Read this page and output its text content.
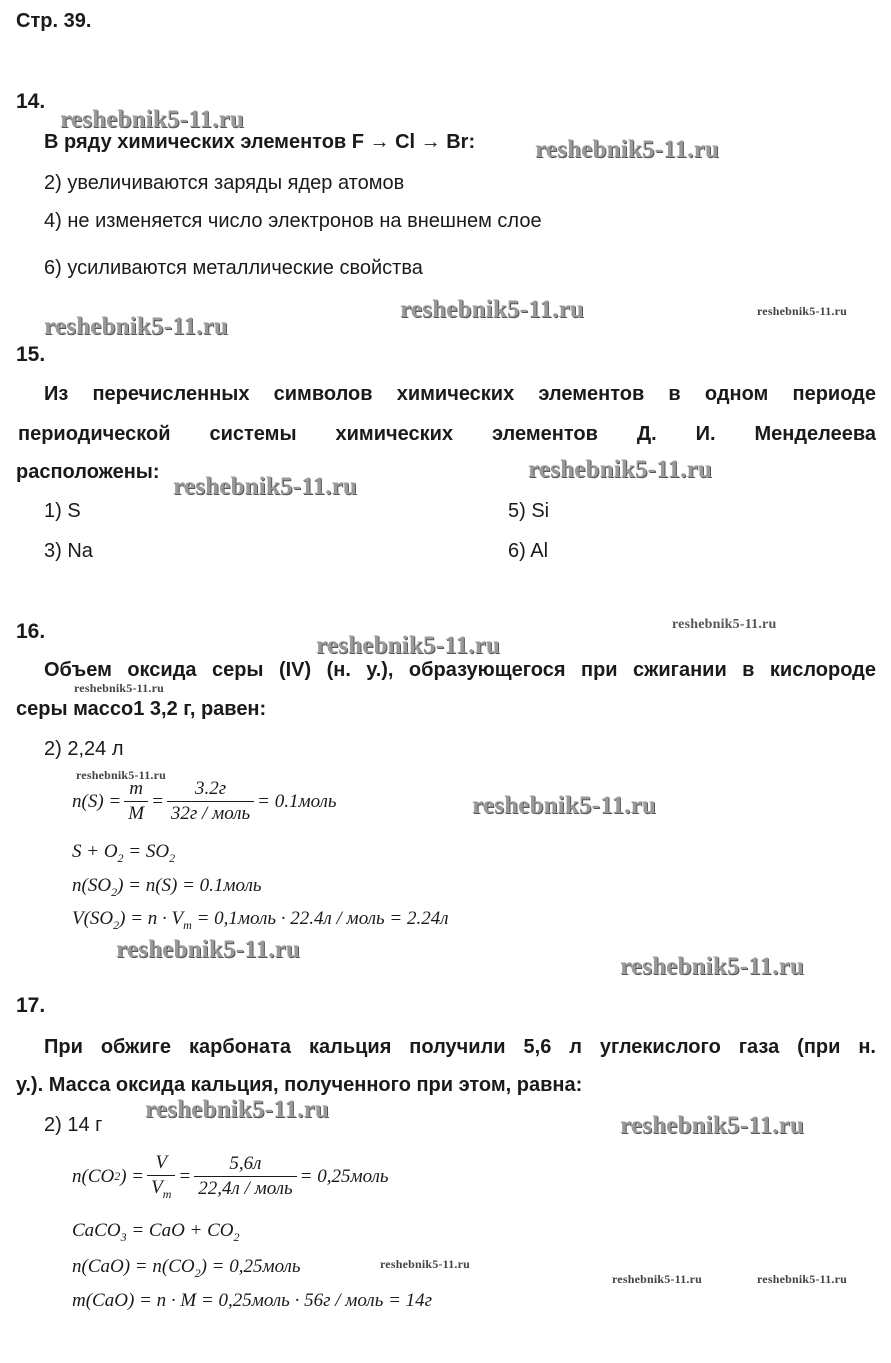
Стр. 39.
14.
В ряду химических элементов F → Cl → Br:
2) увеличиваются заряды ядер атомов
4) не изменяется число электронов на внешнем слое
6) усиливаются металлические свойства
15.
Из перечисленных символов химических элементов в одном периоде
периодической системы химических элементов Д. И. Менделеева
расположены:
1) S
3) Na
5) Si
6) Al
16.
Объем оксида серы (IV) (н. у.), образующегося при сжигании в кислороде
серы массо1 3,2 г, равен:
2) 2,24 л
$n(S) = \frac{m}{M} = \frac{3.2г}{\text{32г / моль}}$ = 0.1моль
$S + O_2 = SO_2$
$n(SO_2) = n(S)$ = 0.1моль
$V(SO_2) = n \cdot V_m$ = 0,1моль · 22.4л / моль = 2.24л
17.
При обжиге карбоната кальция получили 5,6 л углекислого газа (при н.
у.). Масса оксида кальция, полученного при этом, равна:
2) 14 г
n(CO 2 ) = $\frac{V}{V_m} = \frac{5,6л}{\text{22,4л / моль}}$ = 0,25моль
CaCO$_3$ = CaO + $CO_2$
$n(CaO) = n(CO_2)$ = 0,25моль
m(CaO) = n · M = 0,25моль · 56г / моль = 14г
reshebnik5-11.ru
reshebnik5-11.ru
reshebnik5-11.ru	reshebnik5-11.ru
reshebnik5-11.ru
reshebnik5-11.ru
reshebnik5-11.ru
reshebnik5-11.ru
reshebnik5-11.ru
reshebnik5-11.ru
reshebnik5-11.ru
reshebnik5-11.ru
reshebnik5-11.ru
reshebnik5-11.ru
reshebnik5-11.ru
reshebnik5-11.ru
reshebnik5-11.ru
reshebnik5-11.ru	reshebnik5-11.ru
